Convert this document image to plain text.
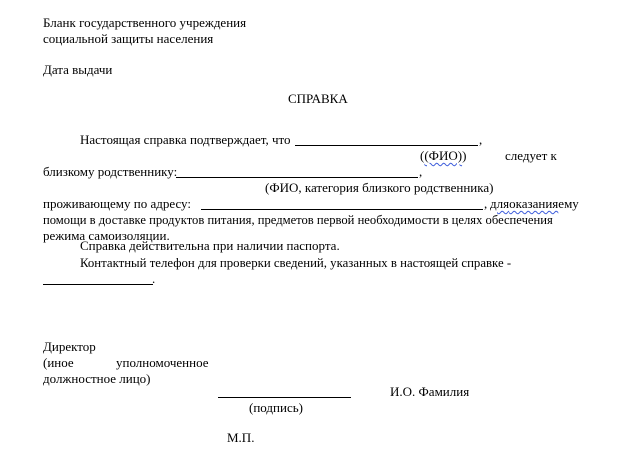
Бланк государственного учреждения
социальной защиты населения
Дата выдачи
СПРАВКА
Настоящая справка подтверждает, что	,
((ФИО))	следует к
близкому родственнику:	,
(ФИО, категория близкого родственника)
проживающему по адресу:	, для оказания ему
помощи в доставке продуктов питания, предметов первой необходимости в целях обеспечения
режима самоизоляции.
Справка действительна при наличии паспорта.
Контактный телефон для проверки сведений, указанных в настоящей справке -
.
Директор
(иное	уполномоченное
должностное лицо)
И.О. Фамилия
(подпись)
М.П.
